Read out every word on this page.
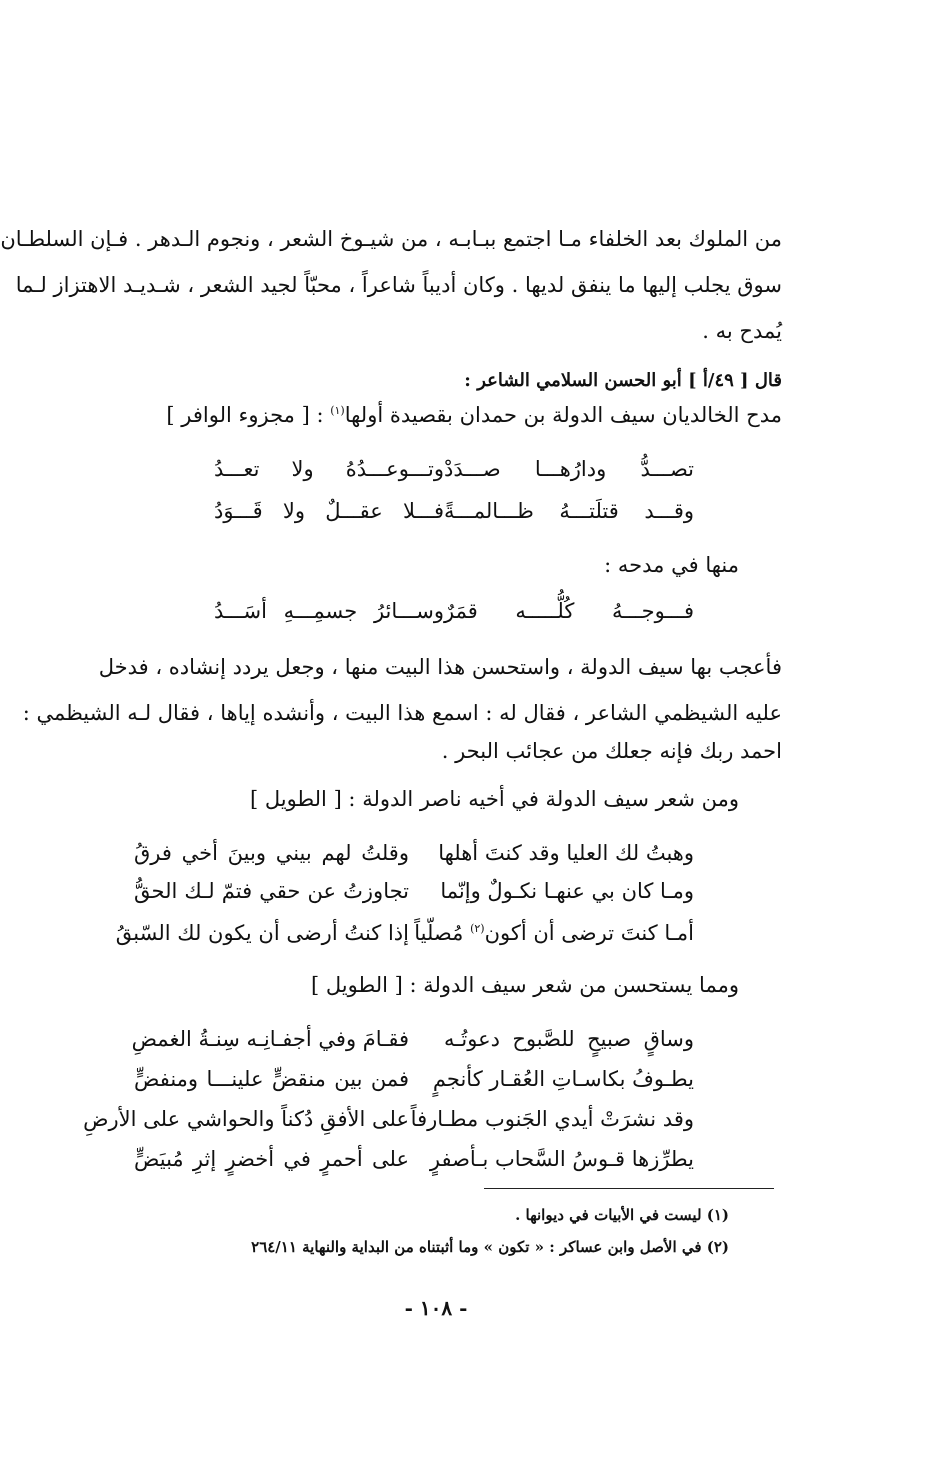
من الملوك بعد الخلفاء مـا اجتمع ببـابـه ، من شيـوخ الشعر ، ونجوم الـدهر . فـإن السلطـان
سوق يجلب إليها ما ينفق لديها . وكان أديباً شاعراً ، محبّاً لجيد الشعر ، شـديـد الاهتزاز لـما
يُمدح به .
قال [ ٤٩/أ ] أبو الحسن السلامي الشاعر :
مدح الخالديان سيف الدولة بن حمدان بقصيدة أولها$^{(١)}$ : [ مجزوء الوافر ]
تصـــدُّ ودارُهـــا صـــدَدْ
وتـــوعـــدُهُ ولا تعـــدُ
وقـــد قتلَتـــهُ ظـــالمـــةً
فـــلا عقـــلٌ ولا قَـــوَدُ
منها في مدحه :
فـــوجـــهُ كُلُّـــــه قمَرٌ
وســـائرُ جسمِـــهِ أسَـــدُ
فأعجب بها سيف الدولة ، واستحسن هذا البيت منها ، وجعل يردد إنشاده ، فدخل
عليه الشيظمي الشاعر ، فقال له : اسمع هذا البيت ، وأنشده إياها ، فقال لـه الشيظمي :
احمد ربك فإنه جعلك من عجائب البحر .
ومن شعر سيف الدولة في أخيه ناصر الدولة : [ الطويل ]
وهبتُ لك العليا وقد كنتَ أهلها
وقلتُ لهم بيني وبينَ أخي فرقُ
ومـا كان بي عنهـا نكـولٌ وإنّما
تجاوزتُ عن حقي فتمّ لـك الحقُّ
أمـا كنتَ ترضى أن أكون$^{(٢)}$ مُصلّياً
إذا كنتُ أرضى أن يكون لك السّبقُ
ومما يستحسن من شعر سيف الدولة : [ الطويل ]
وساقٍ صبيحٍ للصَّبوح دعوتُـه
فقـامَ وفي أجفـانِـه سِنـةُ الغمضِ
يطـوفُ بكاسـاتِ العُقـار كأنجمٍ
فمن بين منقضٍّ علينـــا ومنفضٍّ
وقد نشرَتْ أيدي الجَنوب مطـارفاً
على الأفقِ دُكناً والحواشي على الأرضِ
يطرِّزها قـوسُ السَّحاب بـأصفرٍ
على أحمرٍ في أخضرٍ إثرِ مُبيَضٍّ
(١) ليست في الأبيات في ديوانها .
(٢) في الأصل وابن عساكر : « تكون » وما أثبتناه من البداية والنهاية ٢٦٤/١١
- ١٠٨ -
